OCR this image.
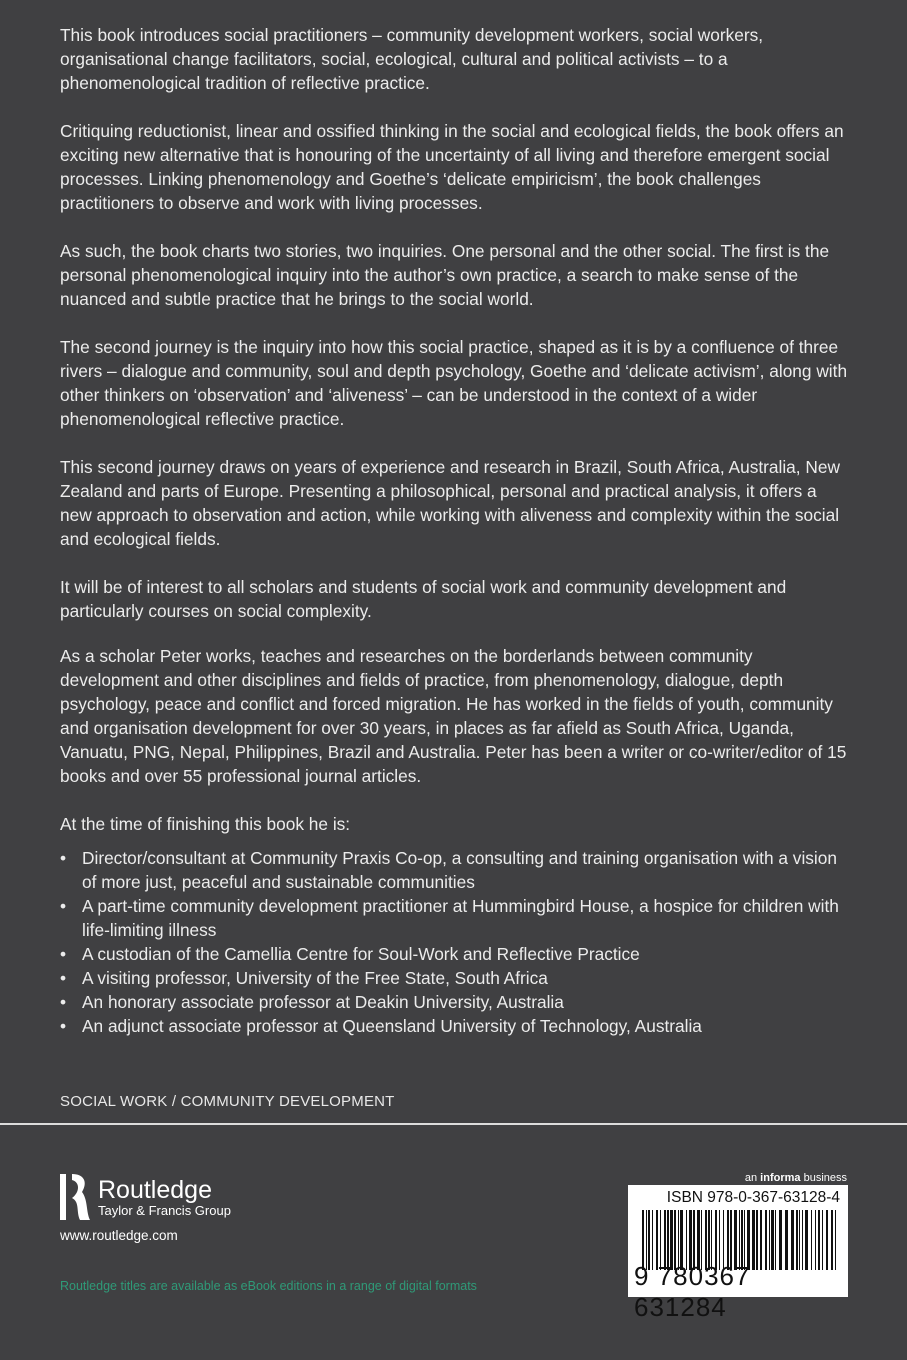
This book introduces social practitioners – community development workers, social workers, organisational change facilitators, social, ecological, cultural and political activists – to a phenomenological tradition of reflective practice.

Critiquing reductionist, linear and ossified thinking in the social and ecological fields, the book offers an exciting new alternative that is honouring of the uncertainty of all living and therefore emergent social processes. Linking phenomenology and Goethe’s ‘delicate empiricism’, the book challenges practitioners to observe and work with living processes.

As such, the book charts two stories, two inquiries. One personal and the other social. The first is the personal phenomenological inquiry into the author’s own practice, a search to make sense of the nuanced and subtle practice that he brings to the social world.

The second journey is the inquiry into how this social practice, shaped as it is by a confluence of three rivers – dialogue and community, soul and depth psychology, Goethe and ‘delicate activism’, along with other thinkers on ‘observation’ and ‘aliveness’ – can be understood in the context of a wider phenomenological reflective practice.

This second journey draws on years of experience and research in Brazil, South Africa, Australia, New Zealand and parts of Europe. Presenting a philosophical, personal and practical analysis, it offers a new approach to observation and action, while working with aliveness and complexity within the social and ecological fields.

It will be of interest to all scholars and students of social work and community development and particularly courses on social complexity.

As a scholar Peter works, teaches and researches on the borderlands between community development and other disciplines and fields of practice, from phenomenology, dialogue, depth psychology, peace and conflict and forced migration. He has worked in the fields of youth, community and organisation development for over 30 years, in places as far afield as South Africa, Uganda, Vanuatu, PNG, Nepal, Philippines, Brazil and Australia. Peter has been a writer or co-writer/editor of 15 books and over 55 professional journal articles.

At the time of finishing this book he is:

• Director/consultant at Community Praxis Co-op, a consulting and training organisation with a vision of more just, peaceful and sustainable communities
• A part-time community development practitioner at Hummingbird House, a hospice for children with life-limiting illness
• A custodian of the Camellia Centre for Soul-Work and Reflective Practice
• A visiting professor, University of the Free State, South Africa
• An honorary associate professor at Deakin University, Australia
• An adjunct associate professor at Queensland University of Technology, Australia
SOCIAL WORK / COMMUNITY DEVELOPMENT
Routledge
Taylor & Francis Group
www.routledge.com
Routledge titles are available as eBook editions in a range of digital formats
an informa business
ISBN 978-0-367-63128-4
9 780367 631284
